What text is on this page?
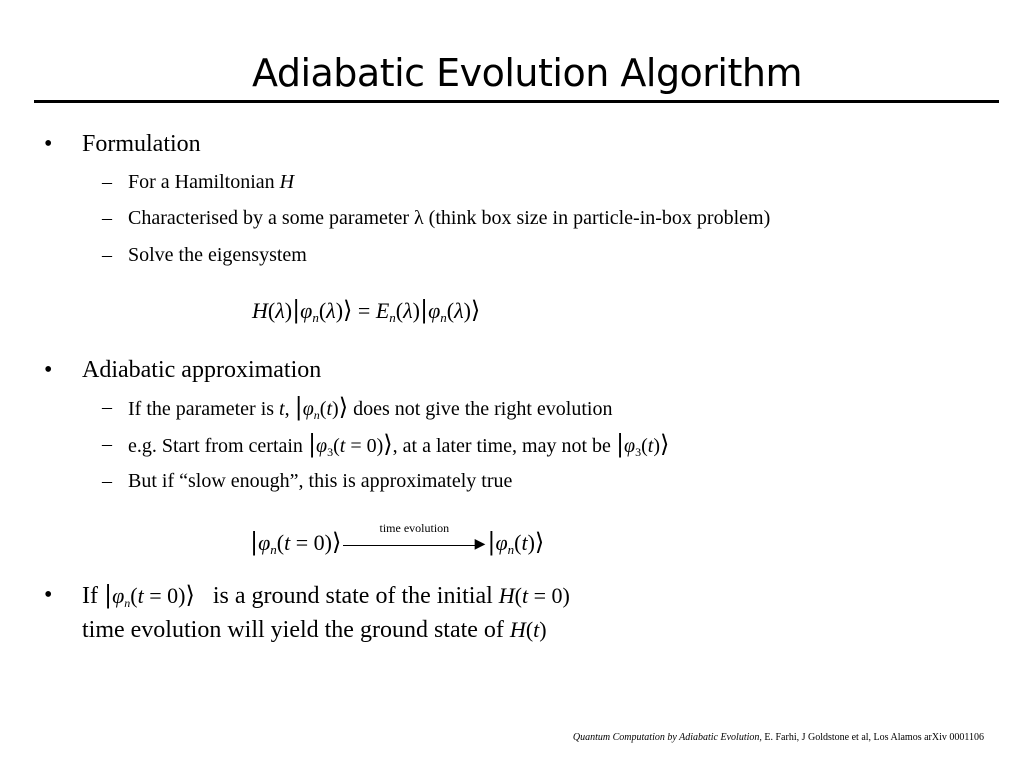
Adiabatic Evolution Algorithm
• Formulation
– For a Hamiltonian H
– Characterised by a some parameter λ (think box size in particle-in-box problem)
– Solve the eigensystem
$H(\lambda)|\varphi_n(\lambda)⟩$ = $E_n(\lambda)|\varphi_n(\lambda)⟩$
• Adiabatic approximation
– If the parameter is t, $|\varphi_n(t)⟩$ does not give the right evolution
– e.g. Start from certain $|\varphi_3(t$ = 0)⟩, at a later time, may not be $|\varphi_3(t)⟩$
– But if “slow enough”, this is approximately true
$|\varphi_n(t$ = 0)⟩
time evolution
▶ $|\varphi_n(t)⟩$
• If $|\varphi_n(t$ = 0)⟩   is a ground state of the initial H(t = 0)
time evolution will yield the ground state of H(t)
Quantum Computation by Adiabatic Evolution, E. Farhi, J Goldstone et al, Los Alamos arXiv 0001106
